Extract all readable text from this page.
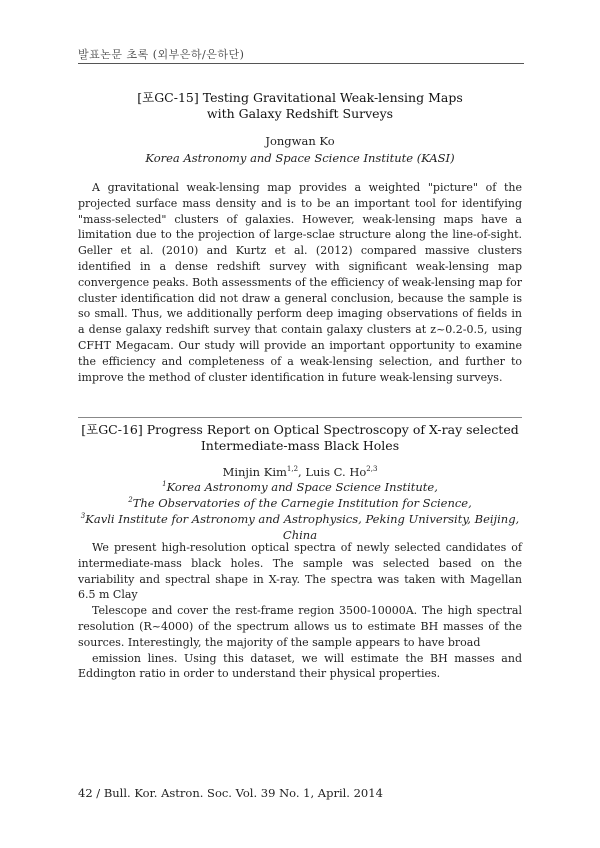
발표논문 초록 (외부은하/은하단)
[포GC-15] Testing Gravitational Weak-lensing Maps
with Galaxy Redshift Surveys
Jongwan Ko
Korea Astronomy and Space Science Institute (KASI)

A gravitational weak-lensing map provides a weighted "picture" of the projected surface mass density and is to be an important tool for identifying "mass-selected" clusters of galaxies. However, weak-lensing maps have a limitation due to the projection of large-sclae structure along the line-of-sight. Geller et al. (2010) and Kurtz et al. (2012) compared massive clusters identified in a dense redshift survey with significant weak-lensing map convergence peaks. Both assessments of the efficiency of weak-lensing map for cluster identification did not draw a general conclusion, because the sample is so small. Thus, we additionally perform deep imaging observations of fields in a dense galaxy redshift survey that contain galaxy clusters at z~0.2-0.5, using CFHT Megacam. Our study will provide an important opportunity to examine the efficiency and completeness of a weak-lensing selection, and further to improve the method of cluster identification in future weak-lensing surveys.

[포GC-16] Progress Report on Optical Spectroscopy of X-ray selected
Intermediate-mass Black Holes
Minjin Kim$^{1,2}$, Luis C. Ho$^{2,3}$
$^1$Korea Astronomy and Space Science Institute,
$^2$The Observatories of the Carnegie Institution for Science,
$^3$Kavli Institute for Astronomy and Astrophysics, Peking University, Beijing, China

We present high-resolution optical spectra of newly selected candidates of intermediate-mass black holes. The sample was selected based on the variability and spectral shape in X-ray. The spectra was taken with Magellan 6.5 m Clay

Telescope and cover the rest-frame region 3500-10000A. The high spectral resolution (R~4000) of the spectrum allows us to estimate BH masses of the sources. Interestingly, the majority of the sample appears to have broad

emission lines. Using this dataset, we will estimate the BH masses and Eddington ratio in order to understand their physical properties.

42 / Bull. Kor. Astron. Soc. Vol. 39 No. 1, April. 2014
